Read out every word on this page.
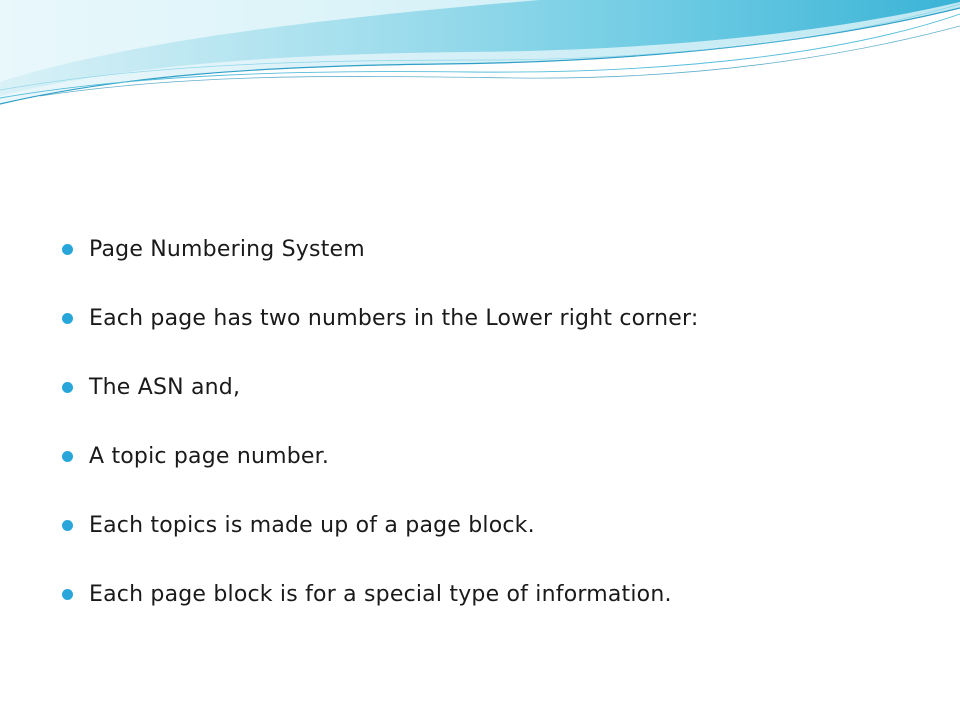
Page Numbering System
Each page has two numbers in the Lower right corner:
The ASN and,
A topic page number.
Each topics is made up of a page block.
Each page block is for a special type of information.
